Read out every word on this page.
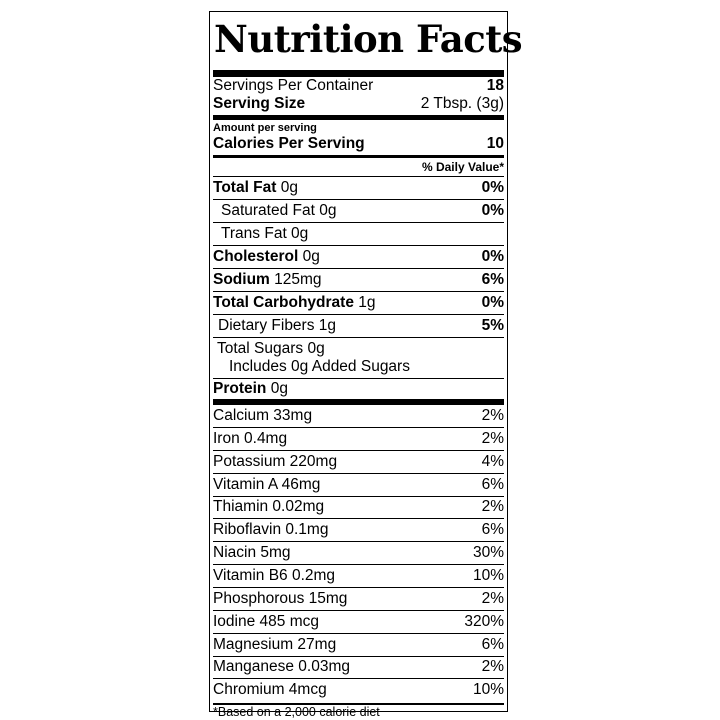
Nutrition Facts
Servings Per Container	18
Serving Size	2 Tbsp. (3g)
Amount per serving
Calories Per Serving	10
% Daily Value*
Total Fat 0g	0%
Saturated Fat 0g	0%
Trans Fat 0g
Cholesterol 0g	0%
Sodium 125mg	6%
Total Carbohydrate 1g	0%
Dietary Fibers 1g	5%
Total Sugars 0g
Includes 0g Added Sugars
Protein 0g
Calcium 33mg	2%
Iron 0.4mg	2%
Potassium 220mg	4%
Vitamin A 46mg	6%
Thiamin 0.02mg	2%
Riboflavin 0.1mg	6%
Niacin 5mg	30%
Vitamin B6 0.2mg	10%
Phosphorous 15mg	2%
Iodine 485 mcg	320%
Magnesium 27mg	6%
Manganese 0.03mg	2%
Chromium 4mcg	10%
*Based on a 2,000 calorie diet
